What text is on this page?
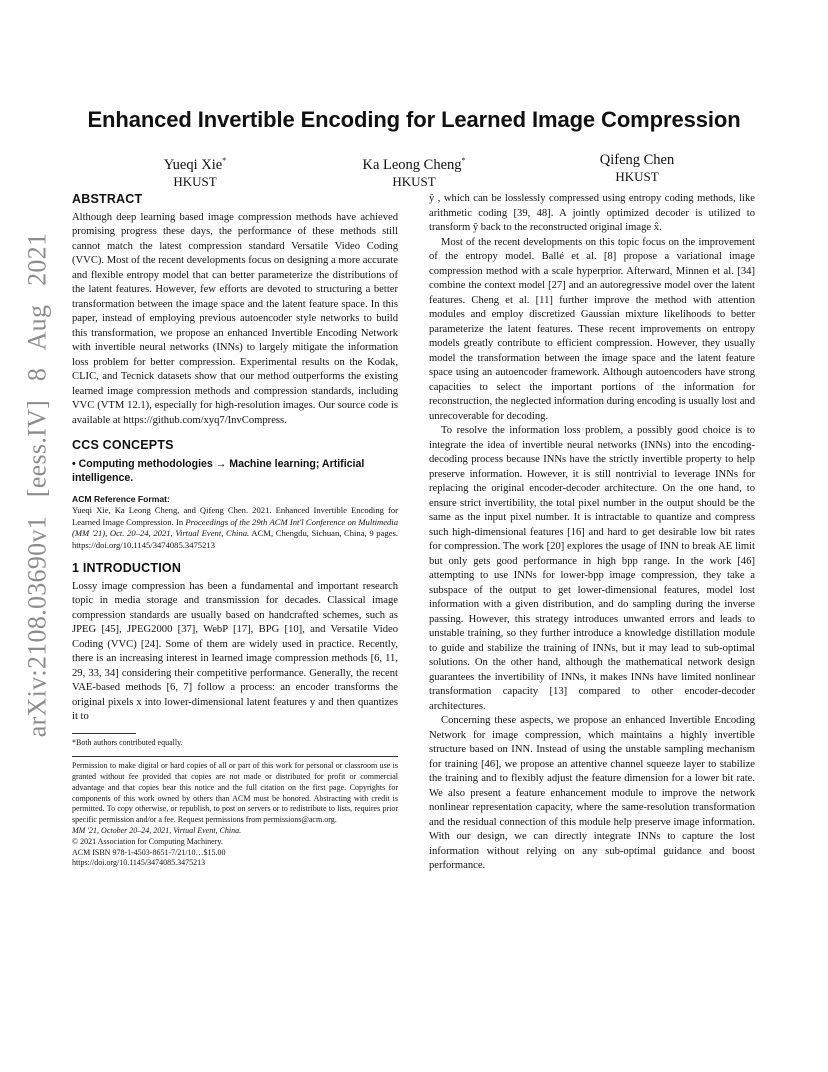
arXiv:2108.03690v1 [eess.IV] 8 Aug 2021
Enhanced Invertible Encoding for Learned Image Compression
Yueqi Xie*
HKUST
Ka Leong Cheng*
HKUST
Qifeng Chen
HKUST
ABSTRACT

Although deep learning based image compression methods have achieved promising progress these days, the performance of these methods still cannot match the latest compression standard Versatile Video Coding (VVC). Most of the recent developments focus on designing a more accurate and flexible entropy model that can better parameterize the distributions of the latent features. However, few efforts are devoted to structuring a better transformation between the image space and the latent feature space. In this paper, instead of employing previous autoencoder style networks to build this transformation, we propose an enhanced Invertible Encoding Network with invertible neural networks (INNs) to largely mitigate the information loss problem for better compression. Experimental results on the Kodak, CLIC, and Tecnick datasets show that our method outperforms the existing learned image compression methods and compression standards, including VVC (VTM 12.1), especially for high-resolution images. Our source code is available at https://github.com/xyq7/InvCompress.

CCS CONCEPTS
• Computing methodologies → Machine learning; Artificial intelligence.
ACM Reference Format:
Yueqi Xie, Ka Leong Cheng, and Qifeng Chen. 2021. Enhanced Invertible Encoding for Learned Image Compression. In Proceedings of the 29th ACM Int'l Conference on Multimedia (MM '21), Oct. 20–24, 2021, Virtual Event, China. ACM, Chengdu, Sichuan, China, 9 pages. https://doi.org/10.1145/3474085.3475213
1 INTRODUCTION

Lossy image compression has been a fundamental and important research topic in media storage and transmission for decades. Classical image compression standards are usually based on handcrafted schemes, such as JPEG [45], JPEG2000 [37], WebP [17], BPG [10], and Versatile Video Coding (VVC) [24]. Some of them are widely used in practice. Recently, there is an increasing interest in learned image compression methods [6, 11, 29, 33, 34] considering their competitive performance. Generally, the recent VAE-based methods [6, 7] follow a process: an encoder transforms the original pixels x into lower-dimensional latent features y and then quantizes it to

*Both authors contributed equally.
Permission to make digital or hard copies of all or part of this work for personal or classroom use is granted without fee provided that copies are not made or distributed for profit or commercial advantage and that copies bear this notice and the full citation on the first page. Copyrights for components of this work owned by others than ACM must be honored. Abstracting with credit is permitted. To copy otherwise, or republish, to post on servers or to redistribute to lists, requires prior specific permission and/or a fee. Request permissions from permissions@acm.org.
MM '21, October 20–24, 2021, Virtual Event, China.
© 2021 Association for Computing Machinery.
ACM ISBN 978-1-4503-8651-7/21/10…$15.00
https://doi.org/10.1145/3474085.3475213

ŷ , which can be losslessly compressed using entropy coding methods, like arithmetic coding [39, 48]. A jointly optimized decoder is utilized to transform ŷ back to the reconstructed original image x̂.

Most of the recent developments on this topic focus on the improvement of the entropy model. Ballé et al. [8] propose a variational image compression method with a scale hyperprior. Afterward, Minnen et al. [34] combine the context model [27] and an autoregressive model over the latent features. Cheng et al. [11] further improve the method with attention modules and employ discretized Gaussian mixture likelihoods to better parameterize the latent features. These recent improvements on entropy models greatly contribute to efficient compression. However, they usually model the transformation between the image space and the latent feature space using an autoencoder framework. Although autoencoders have strong capacities to select the important portions of the information for reconstruction, the neglected information during encoding is usually lost and unrecoverable for decoding.

To resolve the information loss problem, a possibly good choice is to integrate the idea of invertible neural networks (INNs) into the encoding-decoding process because INNs have the strictly invertible property to help preserve information. However, it is still nontrivial to leverage INNs for replacing the original encoder-decoder architecture. On the one hand, to ensure strict invertibility, the total pixel number in the output should be the same as the input pixel number. It is intractable to quantize and compress such high-dimensional features [16] and hard to get desirable low bit rates for compression. The work [20] explores the usage of INN to break AE limit but only gets good performance in high bpp range. In the work [46] attempting to use INNs for lower-bpp image compression, they take a subspace of the output to get lower-dimensional features, model lost information with a given distribution, and do sampling during the inverse passing. However, this strategy introduces unwanted errors and leads to unstable training, so they further introduce a knowledge distillation module to guide and stabilize the training of INNs, but it may lead to sub-optimal solutions. On the other hand, although the mathematical network design guarantees the invertibility of INNs, it makes INNs have limited nonlinear transformation capacity [13] compared to other encoder-decoder architectures.

Concerning these aspects, we propose an enhanced Invertible Encoding Network for image compression, which maintains a highly invertible structure based on INN. Instead of using the unstable sampling mechanism for training [46], we propose an attentive channel squeeze layer to stabilize the training and to flexibly adjust the feature dimension for a lower bit rate. We also present a feature enhancement module to improve the network nonlinear representation capacity, where the same-resolution transformation and the residual connection of this module help preserve image information. With our design, we can directly integrate INNs to capture the lost information without relying on any sub-optimal guidance and boost performance.
